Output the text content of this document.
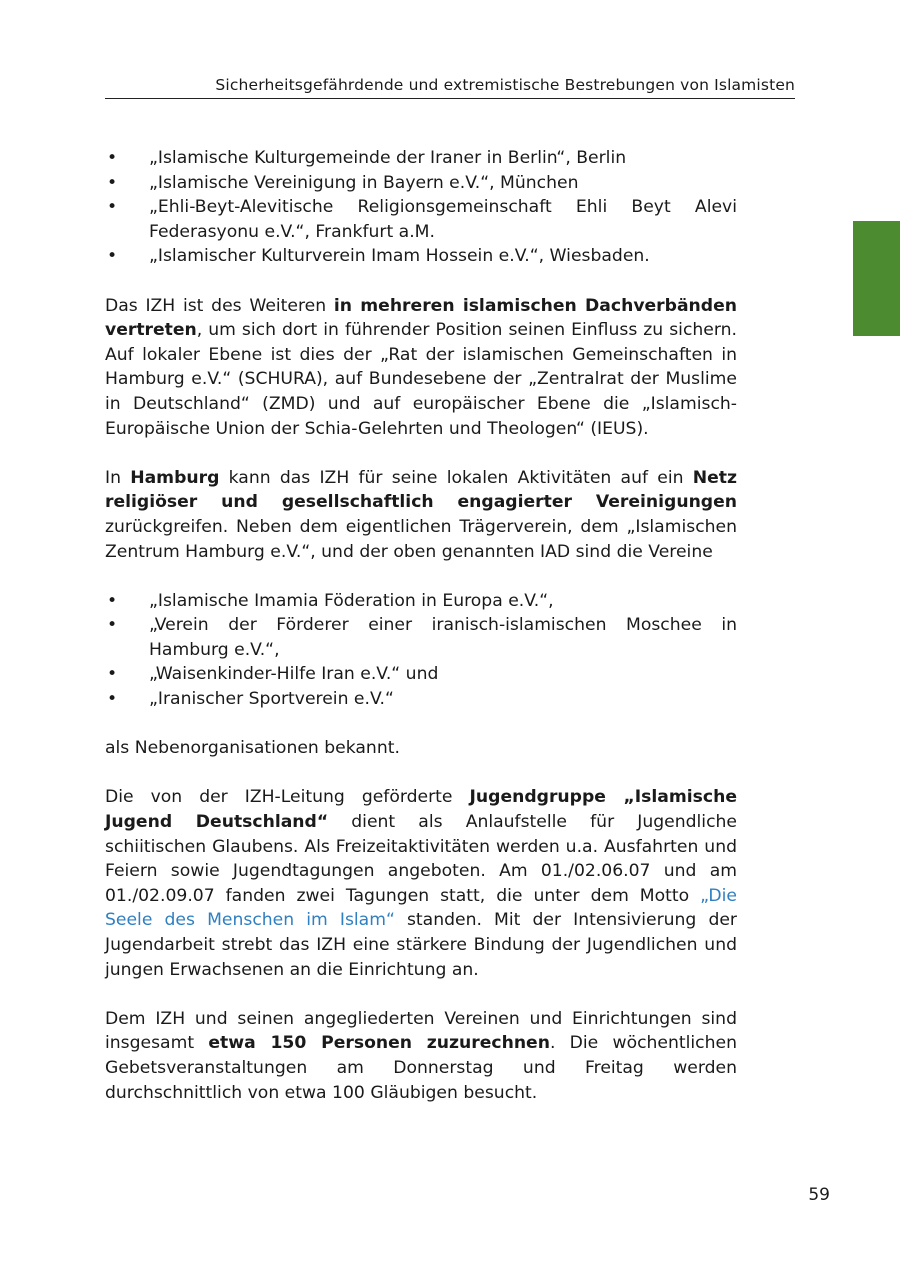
Sicherheitsgefährdende und extremistische Bestrebungen von Islamisten
• „Islamische Kulturgemeinde der Iraner in Berlin“, Berlin
• „Islamische Vereinigung in Bayern e.V.“, München
• „Ehli-Beyt-Alevitische Religionsgemeinschaft Ehli Beyt Alevi Federasyonu e.V.“, Frankfurt a.M.
• „Islamischer Kulturverein Imam Hossein e.V.“, Wiesbaden.

Das IZH ist des Weiteren in mehreren islamischen Dachverbänden vertreten, um sich dort in führender Position seinen Einfluss zu sichern. Auf lokaler Ebene ist dies der „Rat der islamischen Gemeinschaften in Hamburg e.V.“ (SCHURA), auf Bundesebene der „Zentralrat der Muslime in Deutschland“ (ZMD) und auf europäischer Ebene die „Islamisch-Europäische Union der Schia-Gelehrten und Theologen“ (IEUS).

In Hamburg kann das IZH für seine lokalen Aktivitäten auf ein Netz religiöser und gesellschaftlich engagierter Vereinigungen zurückgreifen. Neben dem eigentlichen Trägerverein, dem „Islamischen Zentrum Hamburg e.V.“, und der oben genannten IAD sind die Vereine

• „Islamische Imamia Föderation in Europa e.V.“,
• „Verein der Förderer einer iranisch-islamischen Moschee in Hamburg e.V.“,
• „Waisenkinder-Hilfe Iran e.V.“ und
• „Iranischer Sportverein e.V.“

als Nebenorganisationen bekannt.

Die von der IZH-Leitung geförderte Jugendgruppe „Islamische Jugend Deutschland“ dient als Anlaufstelle für Jugendliche schiitischen Glaubens. Als Freizeitaktivitäten werden u.a. Ausfahrten und Feiern sowie Jugendtagungen angeboten. Am 01./02.06.07 und am 01./02.09.07 fanden zwei Tagungen statt, die unter dem Motto „Die Seele des Menschen im Islam“ standen. Mit der Intensivierung der Jugendarbeit strebt das IZH eine stärkere Bindung der Jugendlichen und jungen Erwachsenen an die Einrichtung an.

Dem IZH und seinen angegliederten Vereinen und Einrichtungen sind insgesamt etwa 150 Personen zuzurechnen. Die wöchentlichen Gebetsveranstaltungen am Donnerstag und Freitag werden durchschnittlich von etwa 100 Gläubigen besucht.

59
